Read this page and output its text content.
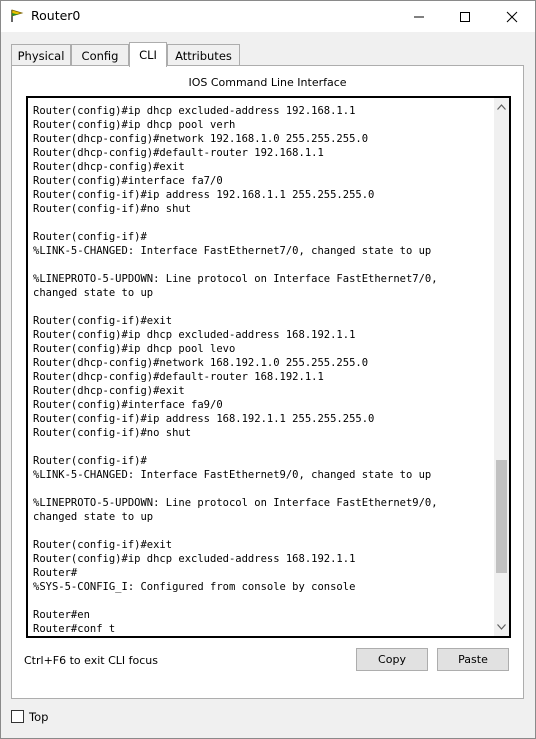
Router0
Physical	Config	CLI	Attributes
IOS Command Line Interface
Router(config)#ip dhcp excluded-address 192.168.1.1
Router(config)#ip dhcp pool verh
Router(dhcp-config)#network 192.168.1.0 255.255.255.0
Router(dhcp-config)#default-router 192.168.1.1
Router(dhcp-config)#exit
Router(config)#interface fa7/0
Router(config-if)#ip address 192.168.1.1 255.255.255.0
Router(config-if)#no shut

Router(config-if)#
%LINK-5-CHANGED: Interface FastEthernet7/0, changed state to up

%LINEPROTO-5-UPDOWN: Line protocol on Interface FastEthernet7/0,
changed state to up

Router(config-if)#exit
Router(config)#ip dhcp excluded-address 168.192.1.1
Router(config)#ip dhcp pool levo
Router(dhcp-config)#network 168.192.1.0 255.255.255.0
Router(dhcp-config)#default-router 168.192.1.1
Router(dhcp-config)#exit
Router(config)#interface fa9/0
Router(config-if)#ip address 168.192.1.1 255.255.255.0
Router(config-if)#no shut

Router(config-if)#
%LINK-5-CHANGED: Interface FastEthernet9/0, changed state to up

%LINEPROTO-5-UPDOWN: Line protocol on Interface FastEthernet9/0,
changed state to up

Router(config-if)#exit
Router(config)#ip dhcp excluded-address 168.192.1.1
Router#
%SYS-5-CONFIG_I: Configured from console by console

Router#en
Router#conf t
Ctrl+F6 to exit CLI focus	Copy	Paste
Top
